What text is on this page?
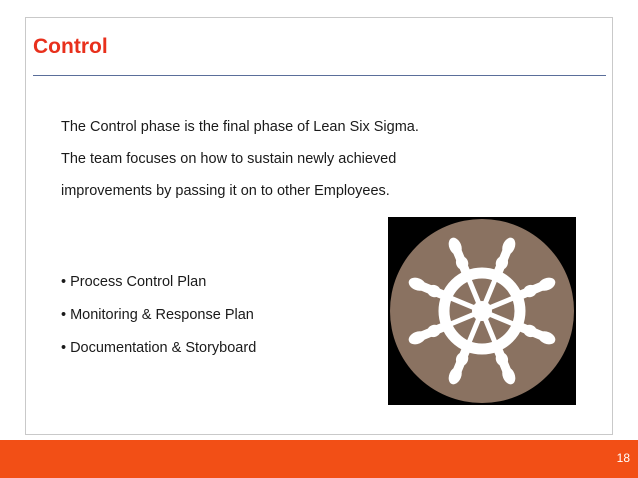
Control

The Control phase is the final phase of Lean Six Sigma. The team focuses on how to sustain newly achieved improvements by passing it on to other Employees.

• Process Control Plan
• Monitoring & Response Plan
• Documentation & Storyboard
18
